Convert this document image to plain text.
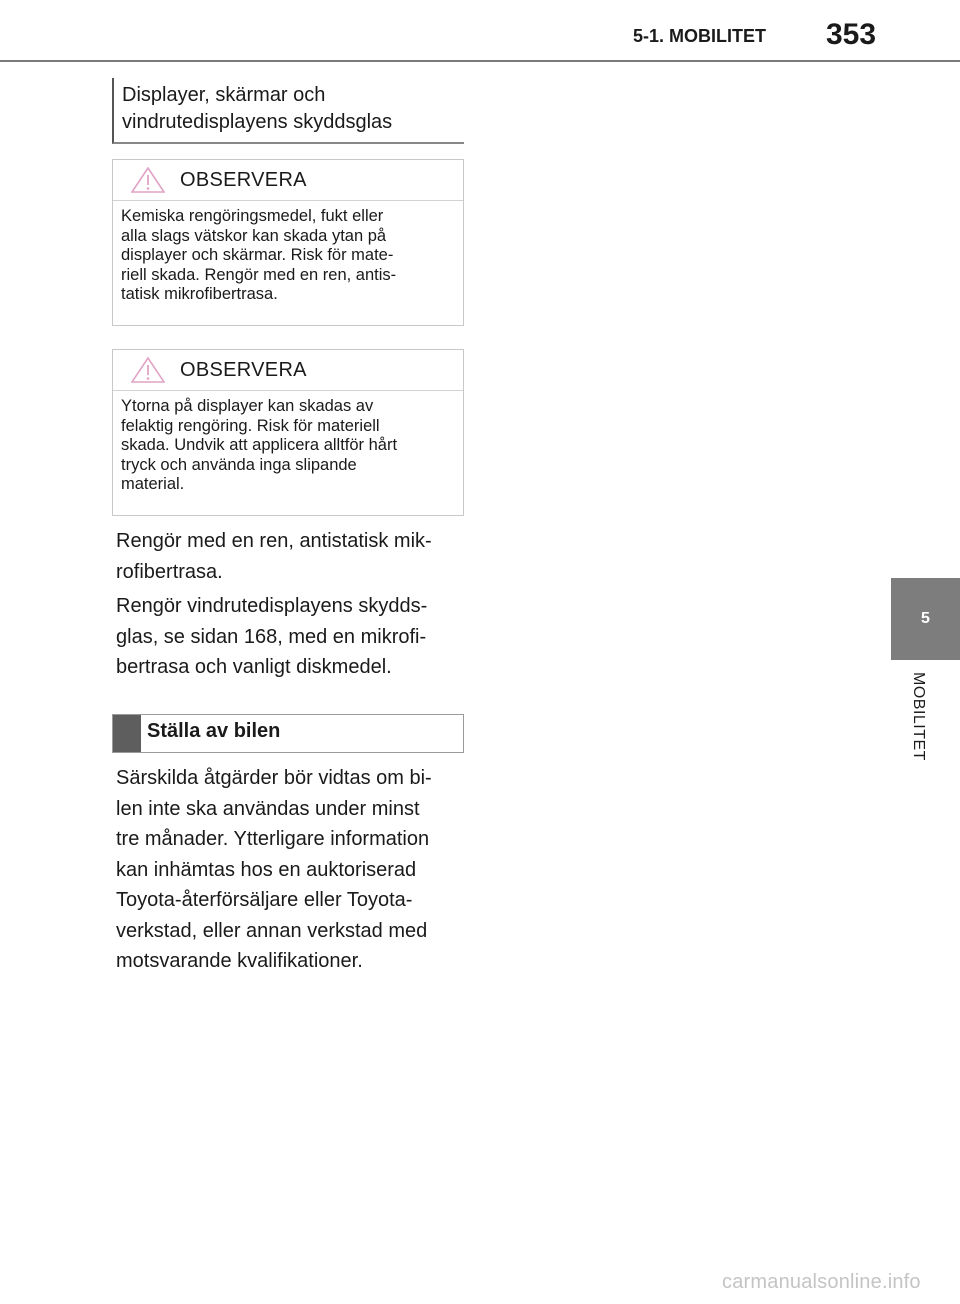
5-1. MOBILITET 353
5
MOBILITET
Displayer, skärmar och
vindrutedisplayens skyddsglas
OBSERVERA
Kemiska rengöringsmedel, fukt eller
alla slags vätskor kan skada ytan på
displayer och skärmar. Risk för mate-
riell skada. Rengör med en ren, antis-
tatisk mikrofibertrasa.
OBSERVERA
Ytorna på displayer kan skadas av
felaktig rengöring. Risk för materiell
skada. Undvik att applicera alltför hårt
tryck och använda inga slipande
material.
Rengör med en ren, antistatisk mik-
rofibertrasa.
Rengör vindrutedisplayens skydds-
glas, se sidan 168, med en mikrofi-
bertrasa och vanligt diskmedel.
Ställa av bilen
Särskilda åtgärder bör vidtas om bi-
len inte ska användas under minst
tre månader. Ytterligare information
kan inhämtas hos en auktoriserad
Toyota-återförsäljare eller Toyota-
verkstad, eller annan verkstad med
motsvarande kvalifikationer.
carmanualsonline.info
